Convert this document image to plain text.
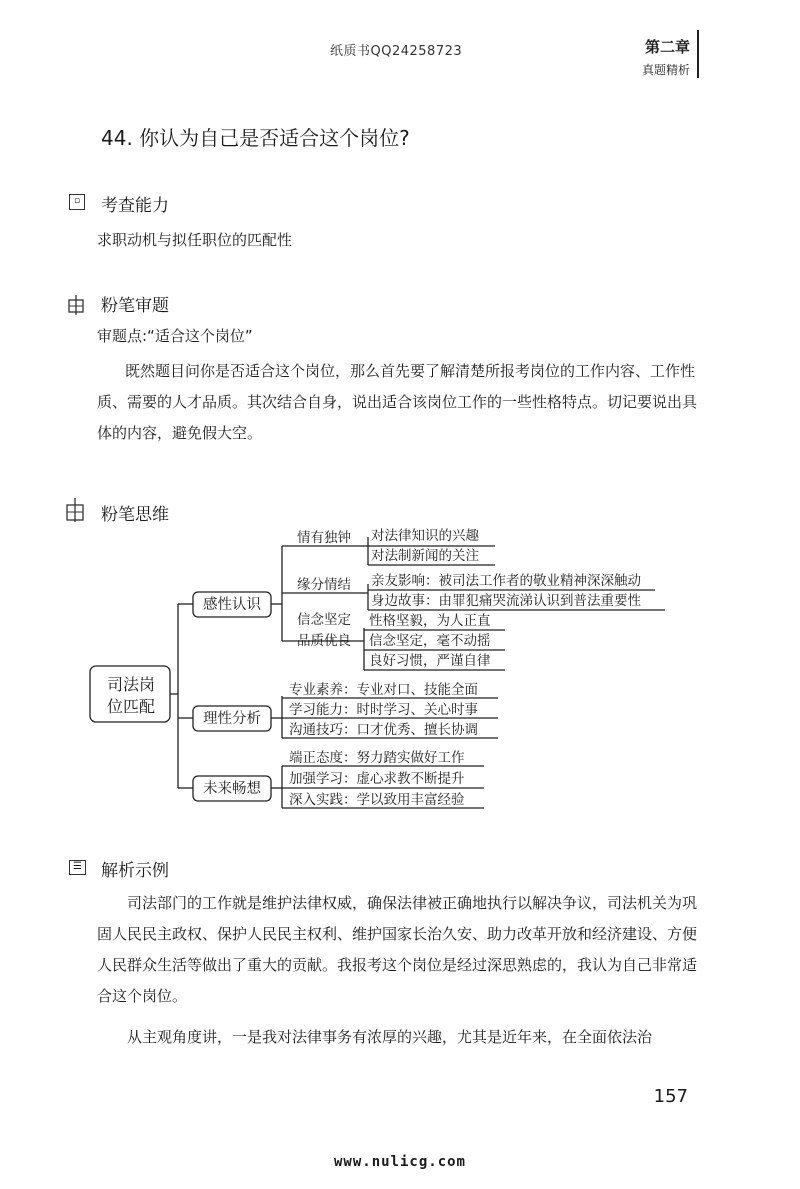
纸质书QQ24258723	第二章
真题精析
44. 你认为自己是否适合这个岗位?
▫ 考查能力
求职动机与拟任职位的匹配性
粉笔审题
审题点:“适合这个岗位”
既然题目问你是否适合这个岗位，那么首先要了解清楚所报考岗位的工作内容、工作性质、需要的人才品质。其次结合自身，说出适合该岗位工作的一些性格特点。切记要说出具体的内容，避免假大空。
粉笔思维
司法岗
位匹配
感性认识
理性分析
未来畅想
情有独钟 对法律知识的兴趣
对法制新闻的关注
缘分情结 亲友影响：被司法工作者的敬业精神深深触动
身边故事：由罪犯痛哭流涕认识到普法重要性
信念坚定
品质优良
性格坚毅，为人正直
信念坚定，毫不动摇
良好习惯，严谨自律
专业素养：专业对口、技能全面
学习能力：时时学习、关心时事
沟通技巧：口才优秀、擅长协调
端正态度：努力踏实做好工作
加强学习：虚心求教不断提升
深入实践：学以致用丰富经验
☰ 解析示例
司法部门的工作就是维护法律权威，确保法律被正确地执行以解决争议，司法机关为巩固人民民主政权、保护人民民主权利、维护国家长治久安、助力改革开放和经济建设、方便人民群众生活等做出了重大的贡献。我报考这个岗位是经过深思熟虑的，我认为自己非常适合这个岗位。
从主观角度讲，一是我对法律事务有浓厚的兴趣，尤其是近年来，在全面依法治
157
www.nulicg.com
